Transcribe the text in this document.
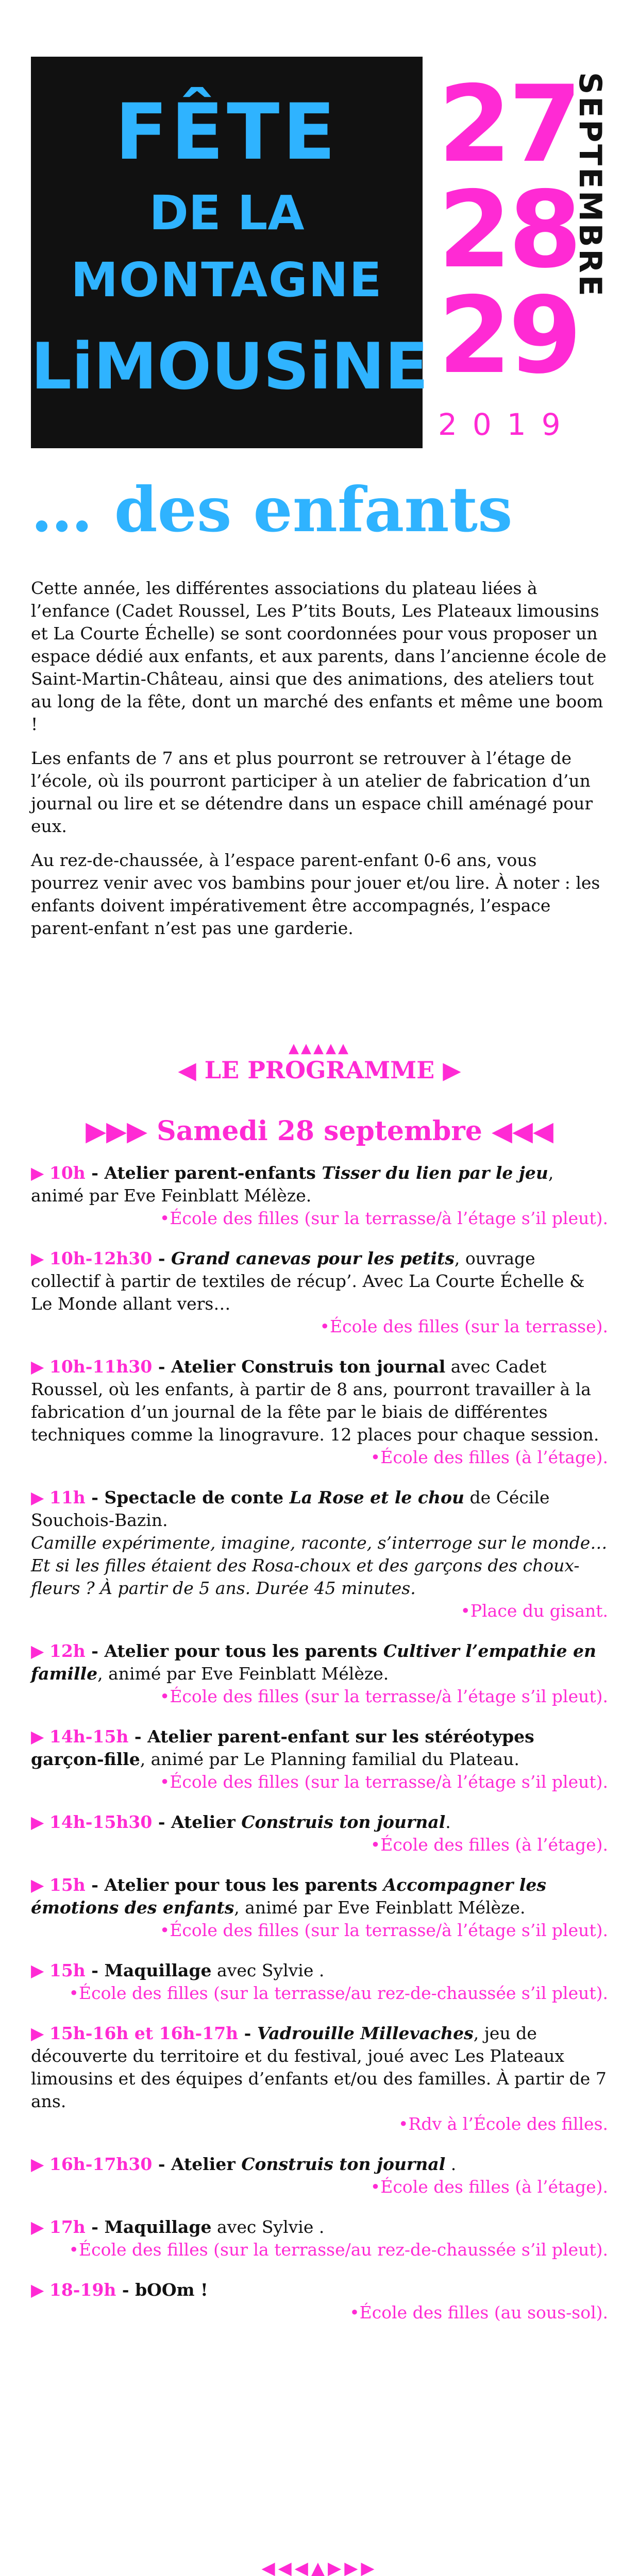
FÊTE
DE LA
MONTAGNE
LiMOUSiNE
27
28
29
SEPTEMBRE
2019
… des enfants

Cette année, les différentes associations du plateau liées à l’enfance (Cadet Roussel, Les P’tits Bouts, Les Plateaux limousins et La Courte Échelle) se sont coordonnées pour vous proposer un espace dédié aux enfants, et aux parents, dans l’ancienne école de Saint-Martin-Château, ainsi que des animations, des ateliers tout au long de la fête, dont un marché des enfants et même une boom !

Les enfants de 7 ans et plus pourront se retrouver à l’étage de l’école, où ils pourront participer à un atelier de fabrication d’un journal ou lire et se détendre dans un espace chill aménagé pour eux.

Au rez-de-chaussée, à l’espace parent-enfant 0-6 ans, vous pourrez venir avec vos bambins pour jouer et/ou lire. À noter : les enfants doivent impérativement être accompagnés, l’espace parent-enfant n’est pas une garderie.

▲▲▲▲▲
◀ LE PROGRAMME ▶
▶▶▶ Samedi 28 septembre ◀◀◀
▶ 10h - Atelier parent-enfants Tisser du lien par le jeu, animé par Eve Feinblatt Mélèze.
•École des filles (sur la terrasse/à l’étage s’il pleut).
▶ 10h-12h30 - Grand canevas pour les petits, ouvrage collectif à partir de textiles de récup’. Avec La Courte Échelle & Le Monde allant vers…
•École des filles (sur la terrasse).
▶ 10h-11h30 - Atelier Construis ton journal avec Cadet Roussel, où les enfants, à partir de 8 ans, pourront travailler à la fabrication d’un journal de la fête par le biais de différentes techniques comme la linogravure. 12 places pour chaque session.
•École des filles (à l’étage).
▶ 11h - Spectacle de conte La Rose et le chou de Cécile Souchois-Bazin.
Camille expérimente, imagine, raconte, s’interroge sur le monde… Et si les filles étaient des Rosa-choux et des garçons des choux-fleurs ? À partir de 5 ans. Durée 45 minutes.
•Place du gisant.
▶ 12h - Atelier pour tous les parents Cultiver l’empathie en famille, animé par Eve Feinblatt Mélèze.
•École des filles (sur la terrasse/à l’étage s’il pleut).
▶ 14h-15h - Atelier parent-enfant sur les stéréotypes garçon-fille, animé par Le Planning familial du Plateau.
•École des filles (sur la terrasse/à l’étage s’il pleut).
▶ 14h-15h30 - Atelier Construis ton journal.
•École des filles (à l’étage).
▶ 15h - Atelier pour tous les parents Accompagner les émotions des enfants, animé par Eve Feinblatt Mélèze.
•École des filles (sur la terrasse/à l’étage s’il pleut).
▶ 15h - Maquillage avec Sylvie .
•École des filles (sur la terrasse/au rez-de-chaussée s’il pleut).
▶ 15h-16h et 16h-17h - Vadrouille Millevaches, jeu de découverte du territoire et du festival, joué avec Les Plateaux limousins et des équipes d’enfants et/ou des familles. À partir de 7 ans.
•Rdv à l’École des filles.
▶ 16h-17h30 - Atelier Construis ton journal .
•École des filles (à l’étage).
▶ 17h - Maquillage avec Sylvie .
•École des filles (sur la terrasse/au rez-de-chaussée s’il pleut).
▶ 18-19h - bOOm !
•École des filles (au sous-sol).
◀◀◀▲▶▶▶
